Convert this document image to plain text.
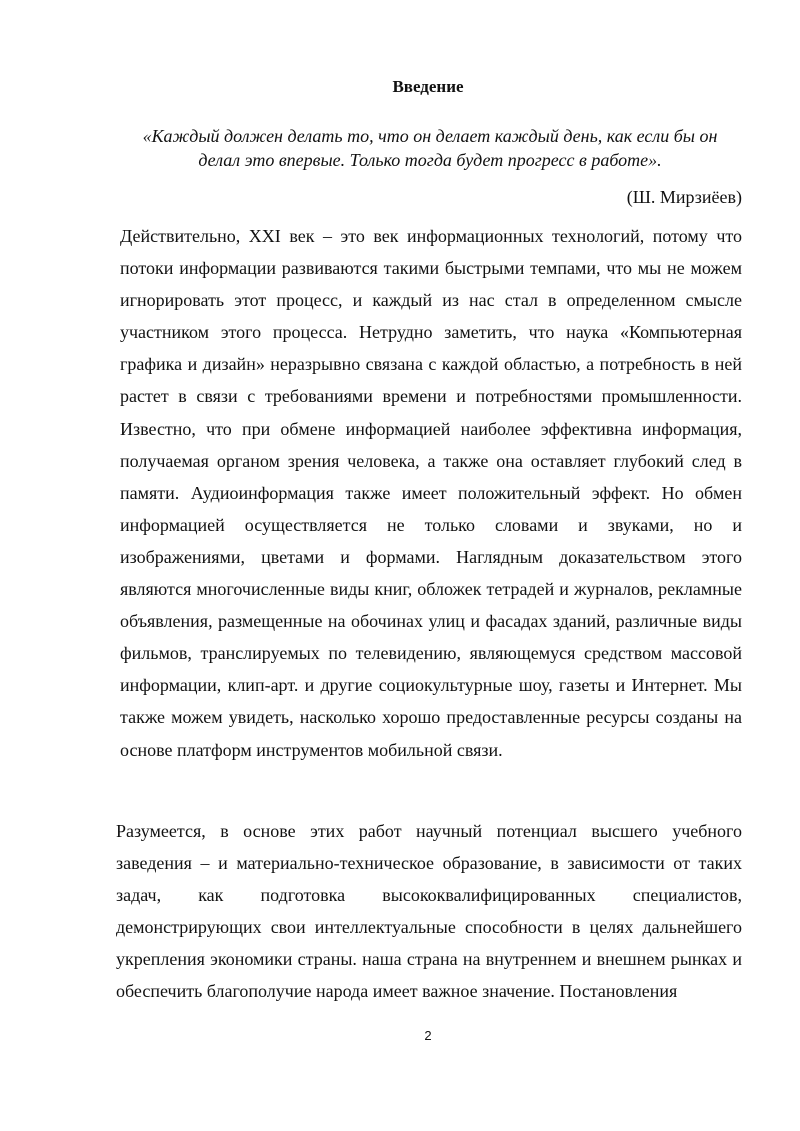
Введение
«Каждый должен делать то, что он делает каждый день, как если бы он делал это впервые. Только тогда будет прогресс в работе».
(Ш. Мирзиёев)
Действительно, XXI век – это век информационных технологий, потому что потоки информации развиваются такими быстрыми темпами, что мы не можем игнорировать этот процесс, и каждый из нас стал в определенном смысле участником этого процесса. Нетрудно заметить, что наука «Компьютерная графика и дизайн» неразрывно связана с каждой областью, а потребность в ней растет в связи с требованиями времени и потребностями промышленности. Известно, что при обмене информацией наиболее эффективна информация, получаемая органом зрения человека, а также она оставляет глубокий след в памяти. Аудиоинформация также имеет положительный эффект. Но обмен информацией осуществляется не только словами и звуками, но и изображениями, цветами и формами. Наглядным доказательством этого являются многочисленные виды книг, обложек тетрадей и журналов, рекламные объявления, размещенные на обочинах улиц и фасадах зданий, различные виды фильмов, транслируемых по телевидению, являющемуся средством массовой информации, клип-арт. и другие социокультурные шоу, газеты и Интернет. Мы также можем увидеть, насколько хорошо предоставленные ресурсы созданы на основе платформ инструментов мобильной связи.
Разумеется, в основе этих работ научный потенциал высшего учебного заведения – и материально-техническое образование, в зависимости от таких задач, как подготовка высококвалифицированных специалистов, демонстрирующих свои интеллектуальные способности в целях дальнейшего укрепления экономики страны. наша страна на внутреннем и внешнем рынках и обеспечить благополучие народа имеет важное значение. Постановления
2
